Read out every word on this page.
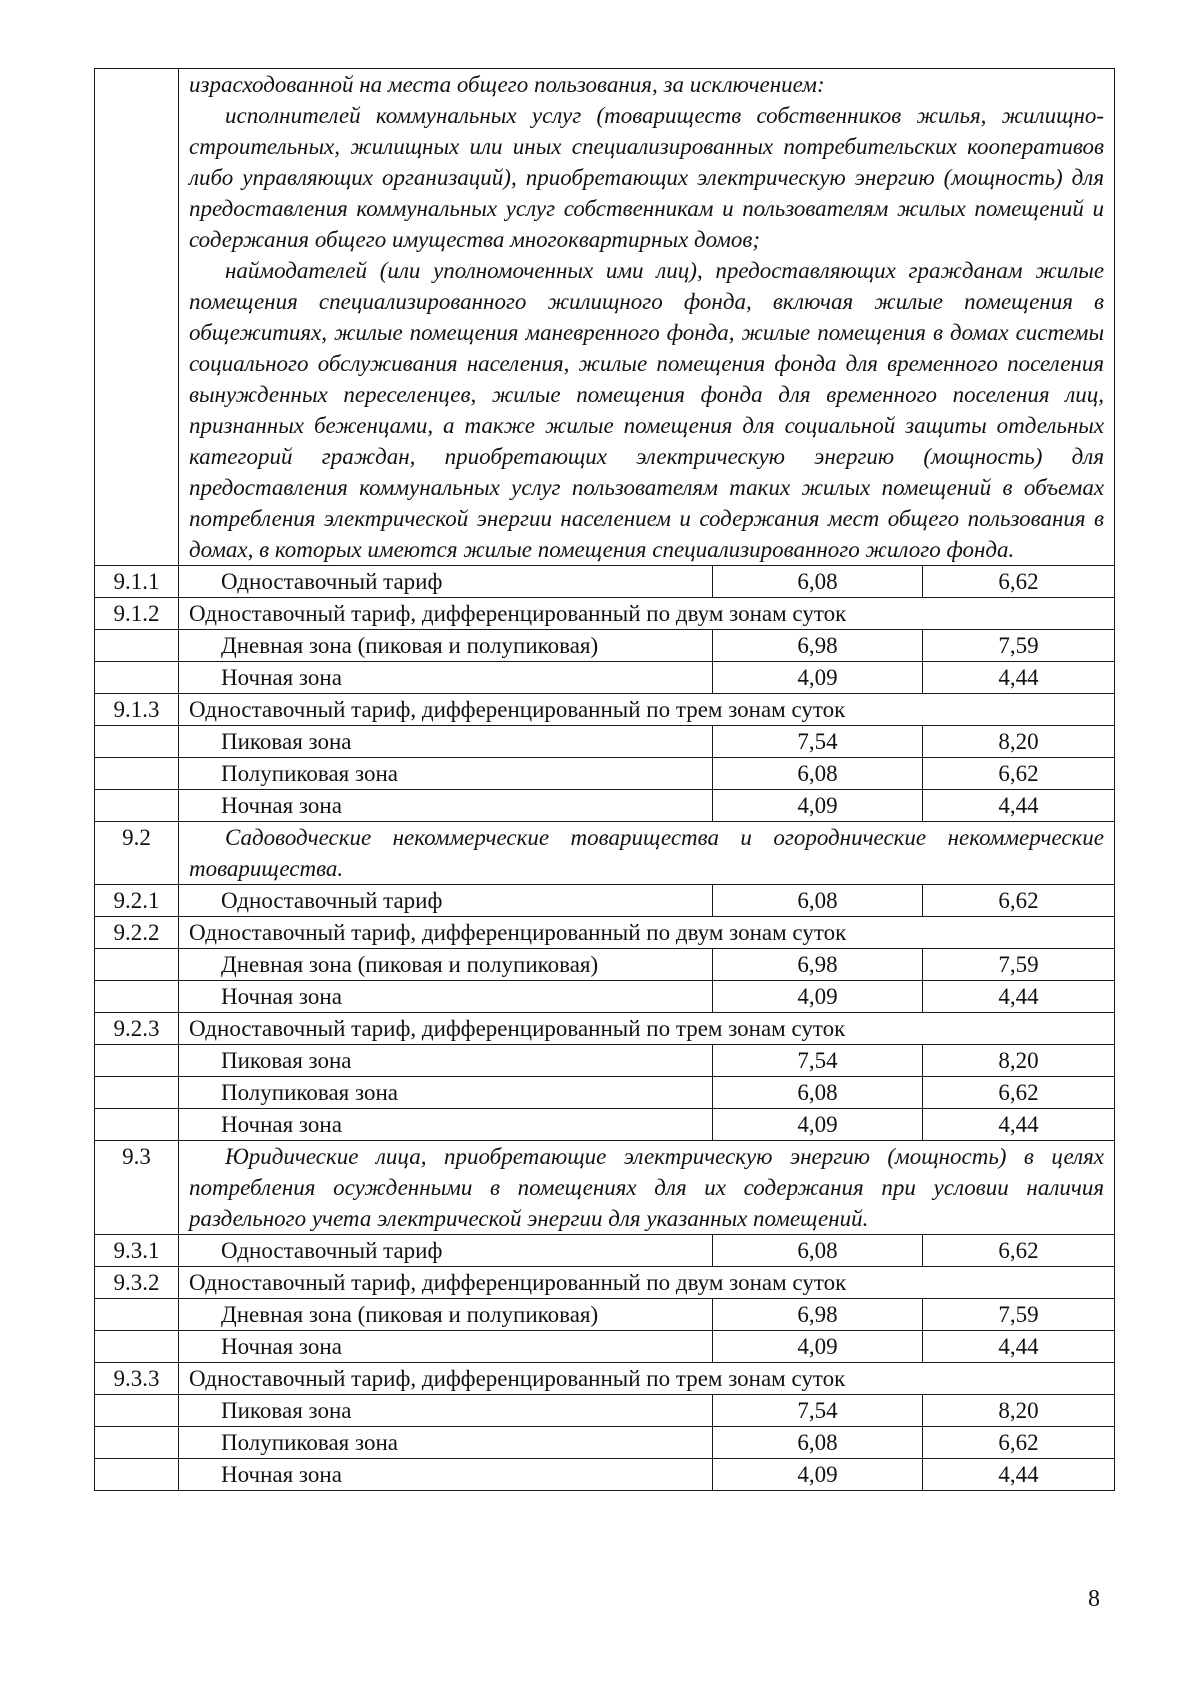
	израсходованной на места общего пользования, за исключением:

исполнителей коммунальных услуг (товариществ собственников жилья, жилищно-строительных, жилищных или иных специализированных потребительских кооперативов либо управляющих организаций), приобретающих электрическую энергию (мощность) для предоставления коммунальных услуг собственникам и пользователям жилых помещений и содержания общего имущества многоквартирных домов;

наймодателей (или уполномоченных ими лиц), предоставляющих гражданам жилые помещения специализированного жилищного фонда, включая жилые помещения в общежитиях, жилые помещения маневренного фонда, жилые помещения в домах системы социального обслуживания населения, жилые помещения фонда для временного поселения вынужденных переселенцев, жилые помещения фонда для временного поселения лиц, признанных беженцами, а также жилые помещения для социальной защиты отдельных категорий граждан, приобретающих электрическую энергию (мощность) для предоставления коммунальных услуг пользователям таких жилых помещений в объемах потребления электрической энергии населением и содержания мест общего пользования в домах, в которых имеются жилые помещения специализированного жилого фонда.		

9.1.1	Одноставочный тариф	6,08	6,62
9.1.2	Одноставочный тариф, дифференцированный по двум зонам суток		
	Дневная зона (пиковая и полупиковая)	6,98	7,59
	Ночная зона	4,09	4,44
9.1.3	Одноставочный тариф, дифференцированный по трем зонам суток		
	Пиковая зона	7,54	8,20
	Полупиковая зона	6,08	6,62
	Ночная зона	4,09	4,44
9.2	Садоводческие некоммерческие товарищества и огороднические некоммерческие товарищества.		

9.2.1	Одноставочный тариф	6,08	6,62
9.2.2	Одноставочный тариф, дифференцированный по двум зонам суток		
	Дневная зона (пиковая и полупиковая)	6,98	7,59
	Ночная зона	4,09	4,44
9.2.3	Одноставочный тариф, дифференцированный по трем зонам суток		
	Пиковая зона	7,54	8,20
	Полупиковая зона	6,08	6,62
	Ночная зона	4,09	4,44
9.3	Юридические лица, приобретающие электрическую энергию (мощность) в целях потребления осужденными в помещениях для их содержания при условии наличия раздельного учета электрической энергии для указанных помещений.		

9.3.1	Одноставочный тариф	6,08	6,62
9.3.2	Одноставочный тариф, дифференцированный по двум зонам суток		
	Дневная зона (пиковая и полупиковая)	6,98	7,59
	Ночная зона	4,09	4,44
9.3.3	Одноставочный тариф, дифференцированный по трем зонам суток		
	Пиковая зона	7,54	8,20
	Полупиковая зона	6,08	6,62
	Ночная зона	4,09	4,44
8
